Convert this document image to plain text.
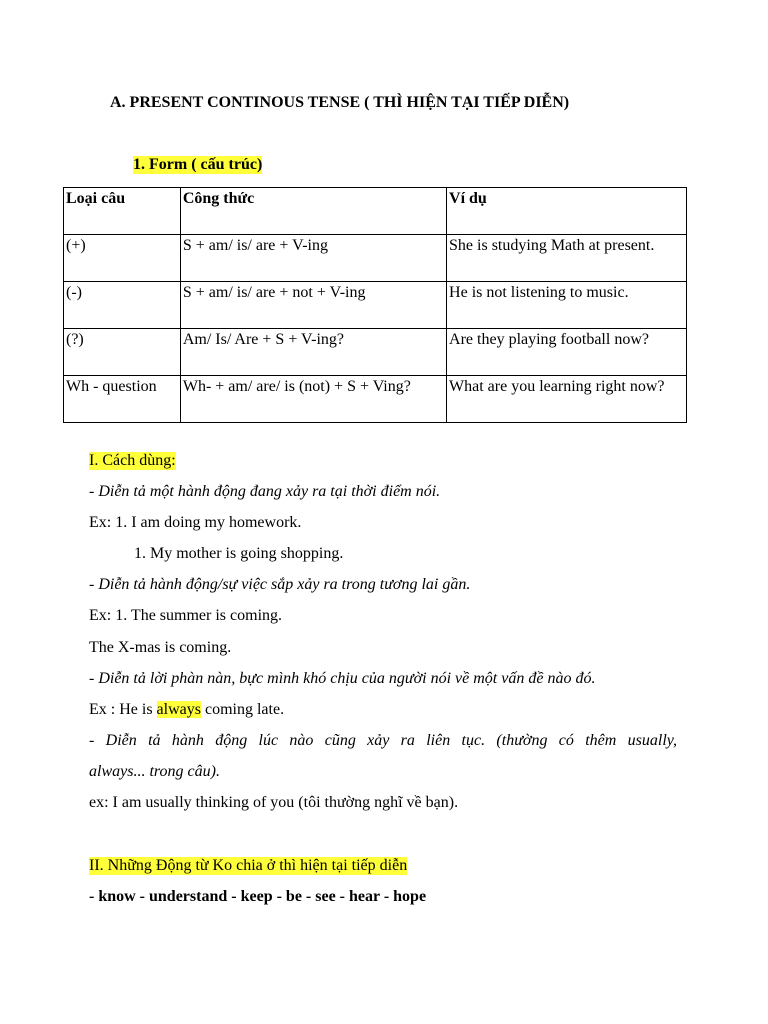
A. PRESENT CONTINOUS TENSE ( THÌ HIỆN TẠI TIẾP DIỄN)
1. Form ( cấu trúc)
Loại câu	Công thức	Ví dụ
(+)	S + am/ is/ are + V-ing	She is studying Math at present.
(-)	S + am/ is/ are + not + V-ing	He is not listening to music.
(?)	Am/ Is/ Are + S + V-ing?	Are they playing football now?
Wh - question	Wh- + am/ are/ is (not) + S + Ving?	What are you learning right now?
I. Cách dùng:
- Diễn tả một hành động đang xảy ra tại thời điểm nói.
Ex: 1. I am doing my homework.
1. My mother is going shopping.
- Diễn tả hành động/sự việc sắp xảy ra trong tương lai gần.
Ex: 1. The summer is coming.
The X-mas is coming.
- Diễn tả lời phàn nàn, bực mình khó chịu của người nói về một vấn đề nào đó.
Ex : He is always coming late.
- Diễn tả hành động lúc nào cũng xảy ra liên tục. (thường có thêm usually,
always... trong câu).
ex: I am usually thinking of you (tôi thường nghĩ về bạn).
II. Những Động từ Ko chia ở thì hiện tại tiếp diễn
- know - understand - keep - be - see - hear - hope
